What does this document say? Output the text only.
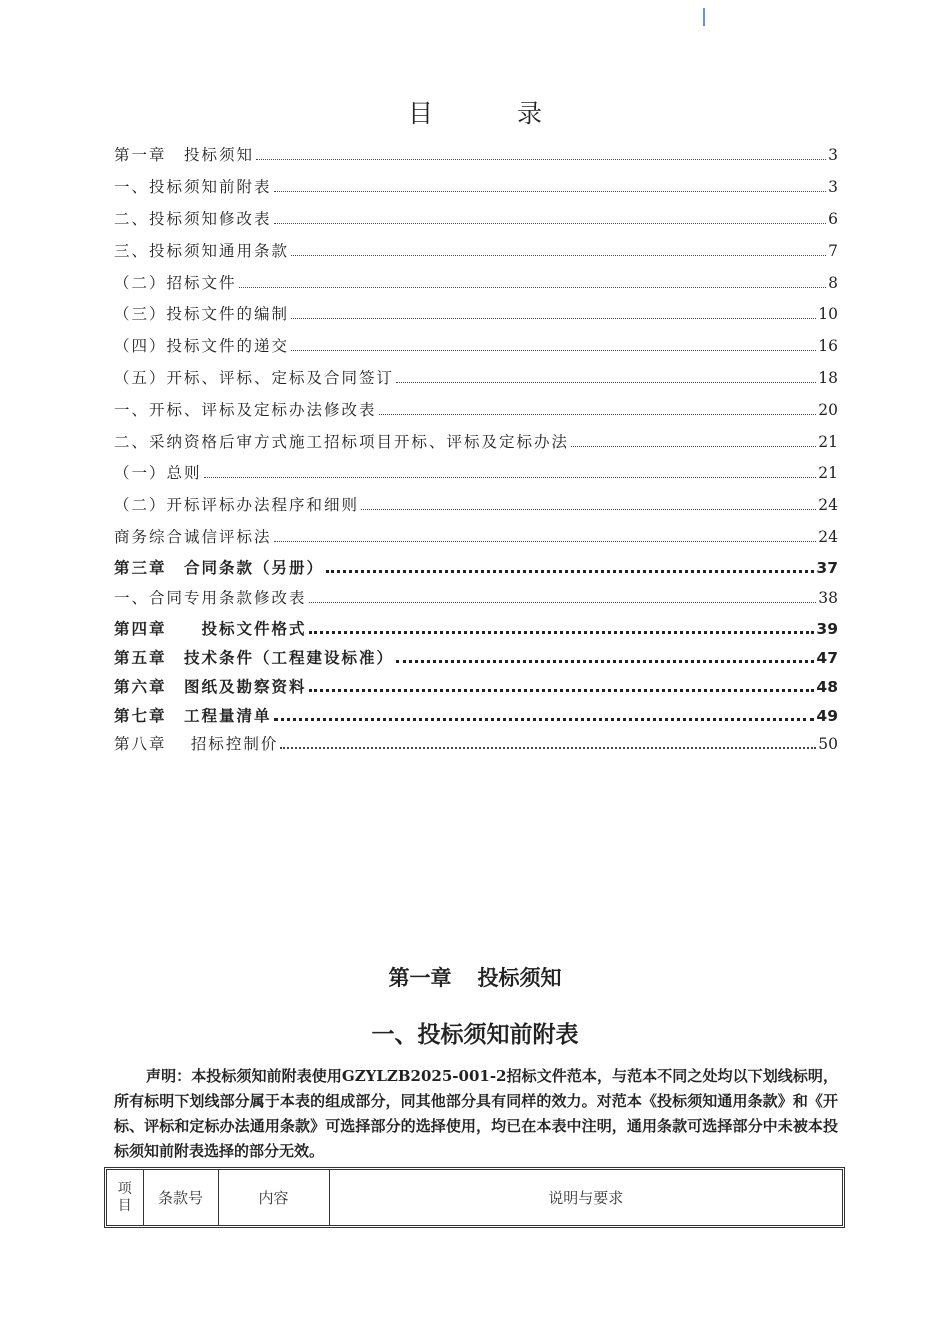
目录
第一章　投标须知	3
一、投标须知前附表	3
二、投标须知修改表	6
三、投标须知通用条款	7
（二）招标文件	8
（三）投标文件的编制	10
（四）投标文件的递交	16
（五）开标、评标、定标及合同签订	18
一、开标、评标及定标办法修改表	20
二、采纳资格后审方式施工招标项目开标、评标及定标办法	21
（一）总则	21
（二）开标评标办法程序和细则	24
商务综合诚信评标法	24
第三章　合同条款（另册）	37
一、合同专用条款修改表	38
第四章　　投标文件格式	39
第五章　技术条件（工程建设标准）	47
第六章　图纸及勘察资料	48
第七章　工程量清单	49
第八章　 招标控制价	50
第一章 投标须知
一、投标须知前附表
声明：本投标须知前附表使用GZYLZB2025-001-2招标文件范本，与范本不同之处均以下划线标明，所有标明下划线部分属于本表的组成部分，同其他部分具有同样的效力。对范本《投标须知通用条款》和《开标、评标和定标办法通用条款》可选择部分的选择使用，均已在本表中注明，通用条款可选择部分中未被本投标须知前附表选择的部分无效。
项目	条款号	内容	说明与要求
